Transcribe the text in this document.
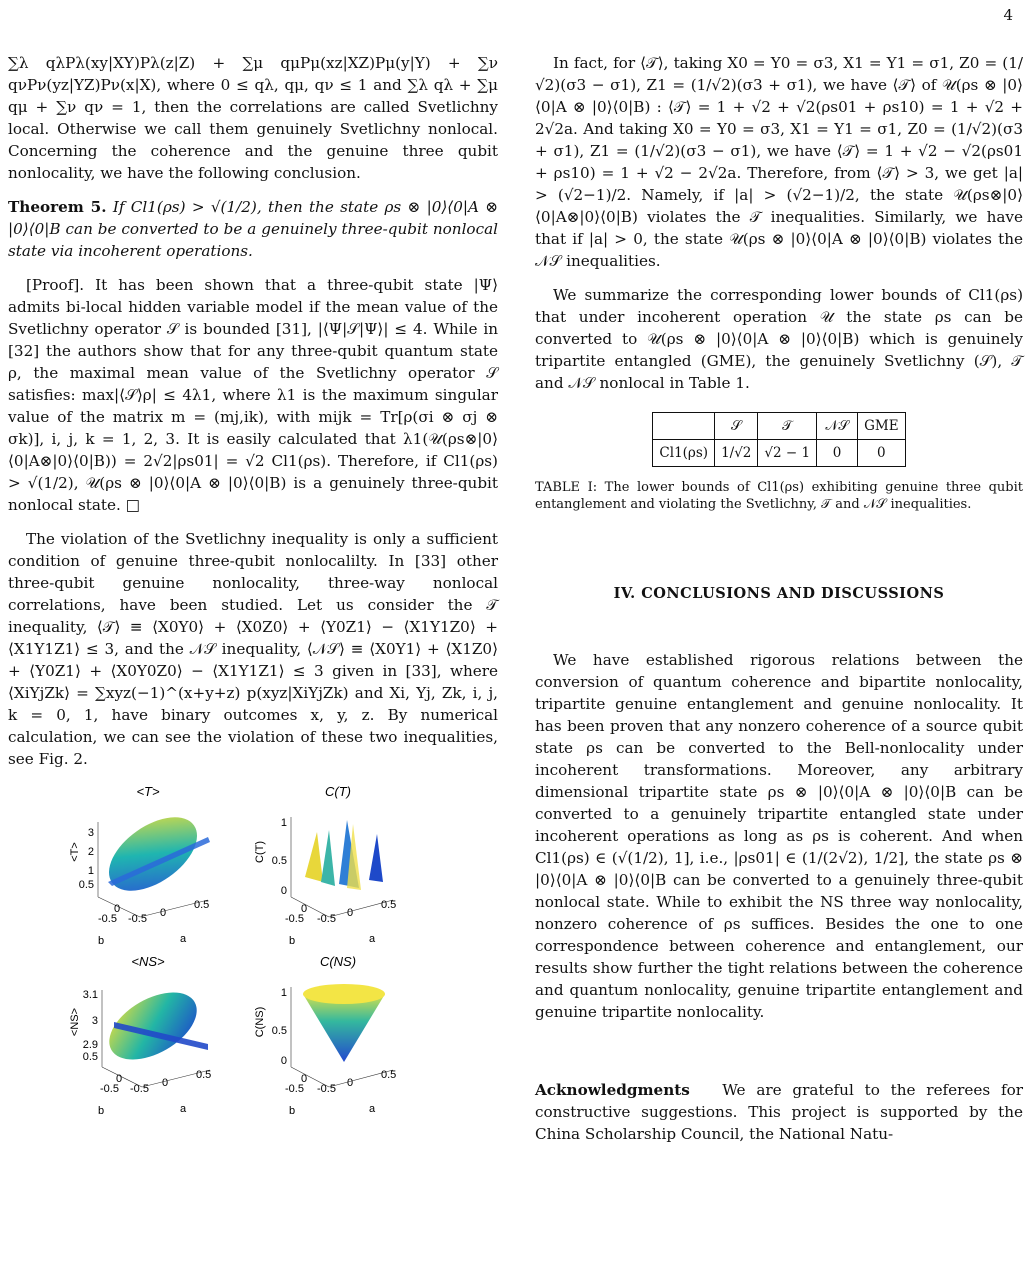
4

∑λ qλPλ(xy|XY)Pλ(z|Z) + ∑μ qμPμ(xz|XZ)Pμ(y|Y) + ∑ν qνPν(yz|YZ)Pν(x|X), where 0 ≤ qλ, qμ, qν ≤ 1 and ∑λ qλ + ∑μ qμ + ∑ν qν = 1, then the correlations are called Svetlichny local. Otherwise we call them genuinely Svetlichny nonlocal. Concerning the coherence and the genuine three qubit nonlocality, we have the following conclusion.

Theorem 5. If Cl1(ρs) > √(1/2), then the state ρs ⊗ |0⟩⟨0|A ⊗ |0⟩⟨0|B can be converted to be a genuinely three-qubit nonlocal state via incoherent operations.

[Proof]. It has been shown that a three-qubit state |Ψ⟩ admits bi-local hidden variable model if the mean value of the Svetlichny operator 𝒮 is bounded [31], |⟨Ψ|𝒮|Ψ⟩| ≤ 4. While in [32] the authors show that for any three-qubit quantum state ρ, the maximal mean value of the Svetlichny operator 𝒮 satisfies: max|⟨𝒮⟩ρ| ≤ 4λ1, where λ1 is the maximum singular value of the matrix m = (mj,ik), with mijk = Tr[ρ(σi ⊗ σj ⊗ σk)], i, j, k = 1, 2, 3. It is easily calculated that λ1(𝒰(ρs⊗|0⟩⟨0|A⊗|0⟩⟨0|B)) = 2√2|ρs01| = √2 Cl1(ρs). Therefore, if Cl1(ρs) > √(1/2), 𝒰(ρs ⊗ |0⟩⟨0|A ⊗ |0⟩⟨0|B) is a genuinely three-qubit nonlocal state. □

The violation of the Svetlichny inequality is only a sufficient condition of genuine three-qubit nonlocalilty. In [33] other three-qubit genuine nonlocality, three-way nonlocal correlations, have been studied. Let us consider the 𝒯 inequality, ⟨𝒯⟩ ≡ ⟨X0Y0⟩ + ⟨X0Z0⟩ + ⟨Y0Z1⟩ − ⟨X1Y1Z0⟩ + ⟨X1Y1Z1⟩ ≤ 3, and the 𝒩𝒮 inequality, ⟨𝒩𝒮⟩ ≡ ⟨X0Y1⟩ + ⟨X1Z0⟩ + ⟨Y0Z1⟩ + ⟨X0Y0Z0⟩ − ⟨X1Y1Z1⟩ ≤ 3 given in [33], where ⟨XiYjZk⟩ = ∑xyz(−1)^(x+y+z) p(xyz|XiYjZk) and Xi, Yj, Zk, i, j, k = 0, 1, have binary outcomes x, y, z. By numerical calculation, we can see the violation of these two inequalities, see Fig. 2.

<T>
<T>
3
2
1
0.5
0
-0.5 -0.5 0
0.5
b	a
C(T)
C(T)
1
0.5
0
0
-0.5 -0.5 0
0.5
b	a
<NS>
<NS>
3.1
3
2.9
0.5
0
-0.5 -0.5 0
0.5
b	a
C(NS)
C(NS)
1
0.5
0
0
-0.5 -0.5 0
0.5
b	a

In fact, for ⟨𝒯⟩, taking X0 = Y0 = σ3, X1 = Y1 = σ1, Z0 = (1/√2)(σ3 − σ1), Z1 = (1/√2)(σ3 + σ1), we have ⟨𝒯⟩ of 𝒰(ρs ⊗ |0⟩⟨0|A ⊗ |0⟩⟨0|B) : ⟨𝒯⟩ = 1 + √2 + √2(ρs01 + ρs10) = 1 + √2 + 2√2a. And taking X0 = Y0 = σ3, X1 = Y1 = σ1, Z0 = (1/√2)(σ3 + σ1), Z1 = (1/√2)(σ3 − σ1), we have ⟨𝒯⟩ = 1 + √2 − √2(ρs01 + ρs10) = 1 + √2 − 2√2a. Therefore, from ⟨𝒯⟩ > 3, we get |a| > (√2−1)/2. Namely, if |a| > (√2−1)/2, the state 𝒰(ρs⊗|0⟩⟨0|A⊗|0⟩⟨0|B) violates the 𝒯 inequalities. Similarly, we have that if |a| > 0, the state 𝒰(ρs ⊗ |0⟩⟨0|A ⊗ |0⟩⟨0|B) violates the 𝒩𝒮 inequalities.

We summarize the corresponding lower bounds of Cl1(ρs) that under incoherent operation 𝒰 the state ρs can be converted to 𝒰(ρs ⊗ |0⟩⟨0|A ⊗ |0⟩⟨0|B) which is genuinely tripartite entangled (GME), the genuinely Svetlichny (𝒮), 𝒯 and 𝒩𝒮 nonlocal in Table 1.

	𝒮	𝒯	𝒩𝒮	GME
Cl1(ρs)	1/√2	√2 − 1	0	0

TABLE I: The lower bounds of Cl1(ρs) exhibiting genuine three qubit entanglement and violating the Svetlichny, 𝒯 and 𝒩𝒮 inequalities.

IV. CONCLUSIONS AND DISCUSSIONS

We have established rigorous relations between the conversion of quantum coherence and bipartite nonlocality, tripartite genuine entanglement and genuine nonlocality. It has been proven that any nonzero coherence of a source qubit state ρs can be converted to the Bell-nonlocality under incoherent transformations. Moreover, any arbitrary dimensional tripartite state ρs ⊗ |0⟩⟨0|A ⊗ |0⟩⟨0|B can be converted to a genuinely tripartite entangled state under incoherent operations as long as ρs is coherent. And when Cl1(ρs) ∈ (√(1/2), 1], i.e., |ρs01| ∈ (1/(2√2), 1/2], the state ρs ⊗ |0⟩⟨0|A ⊗ |0⟩⟨0|B can be converted to a genuinely three-qubit nonlocal state. While to exhibit the NS three way nonlocality, nonzero coherence of ρs suffices. Besides the one to one correspondence between coherence and entanglement, our results show further the tight relations between the coherence and quantum nonlocality, genuine tripartite entanglement and genuine tripartite nonlocality.

Acknowledgments We are grateful to the referees for constructive suggestions. This project is supported by the China Scholarship Council, the National Natu-
